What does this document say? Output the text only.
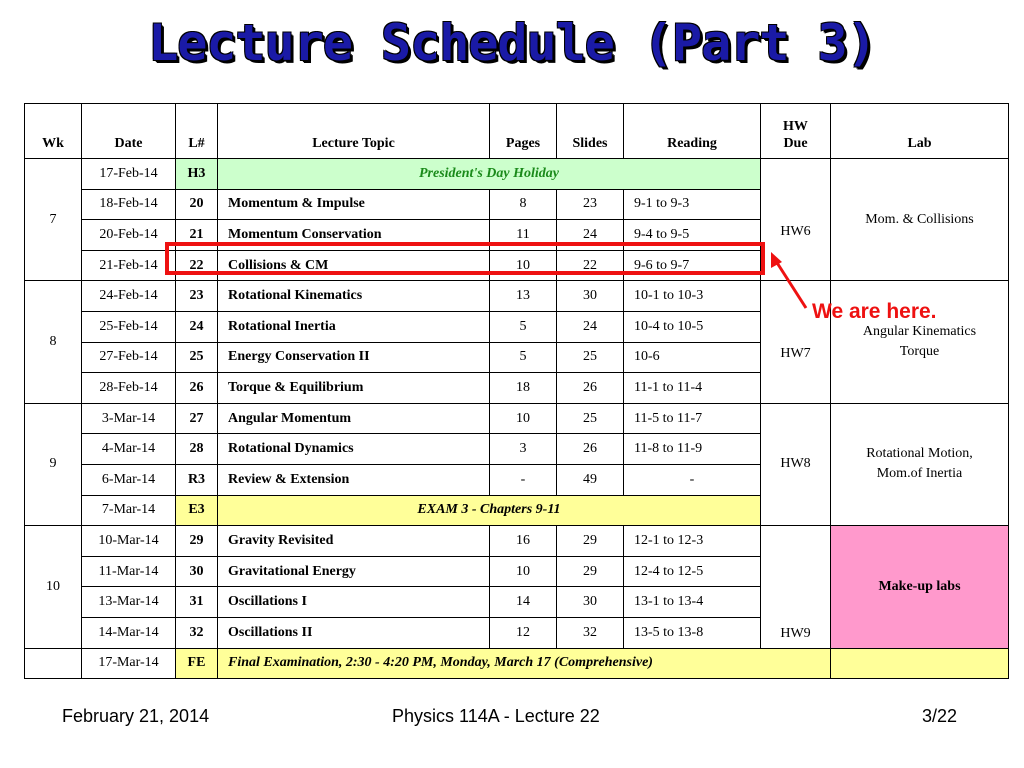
Lecture Schedule (Part 3)
Wk	Date	L#	Lecture Topic	Pages	Slides	Reading	HW Due	Lab
7	17-Feb-14	H3	President's Day Holiday				HW6	Mom. & Collisions
	18-Feb-14	20	Momentum & Impulse	8	23	9-1 to 9-3		
	20-Feb-14	21	Momentum Conservation	11	24	9-4 to 9-5		
	21-Feb-14	22	Collisions & CM	10	22	9-6 to 9-7		
8	24-Feb-14	23	Rotational Kinematics	13	30	10-1 to 10-3	HW7	Angular Kinematics
Torque

	25-Feb-14	24	Rotational Inertia	5	24	10-4 to 10-5		
	27-Feb-14	25	Energy Conservation II	5	25	10-6		
	28-Feb-14	26	Torque & Equilibrium	18	26	11-1 to 11-4		
9	3-Mar-14	27	Angular Momentum	10	25	11-5 to 11-7	HW8	Rotational Motion,
Mom.of Inertia

	4-Mar-14	28	Rotational Dynamics	3	26	11-8 to 11-9		
	6-Mar-14	R3	Review & Extension	-	49	-		
	7-Mar-14	E3	EXAM 3 - Chapters 9-11					
10	10-Mar-14	29	Gravity Revisited	16	29	12-1 to 12-3	HW9	Make-up labs
	11-Mar-14	30	Gravitational Energy	10	29	12-4 to 12-5		
	13-Mar-14	31	Oscillations I	14	30	13-1 to 13-4		
	14-Mar-14	32	Oscillations II	12	32	13-5 to 13-8		
	17-Mar-14	FE	Final Examination, 2:30 - 4:20 PM, Monday, March 17 (Comprehensive)					
We are here.
February 21, 2014	Physics 114A - Lecture 22	3/22
